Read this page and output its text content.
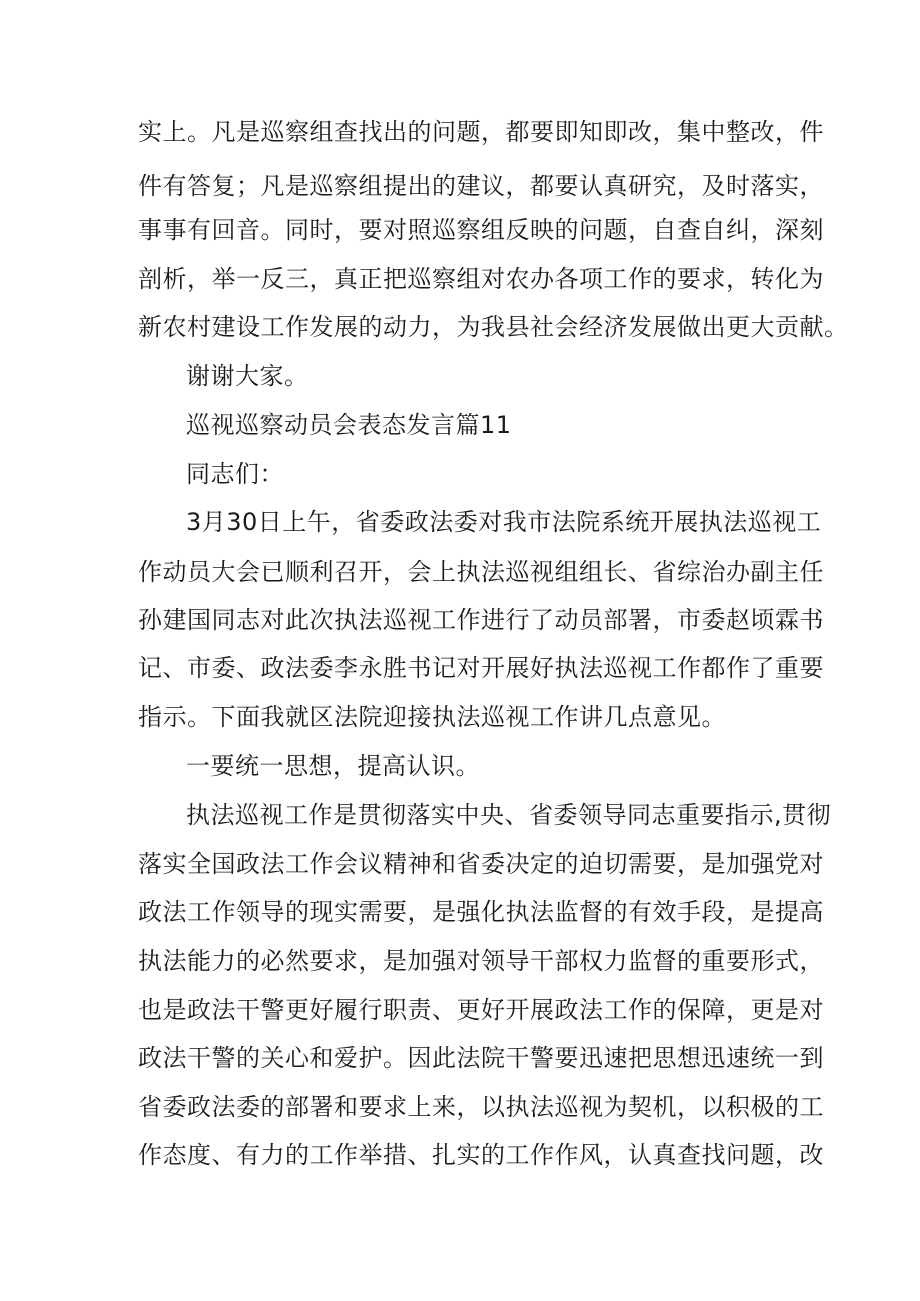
实上。凡是巡察组查找出的问题，都要即知即改，集中整改，件
件有答复；凡是巡察组提出的建议，都要认真研究，及时落实，
事事有回音。同时，要对照巡察组反映的问题，自查自纠，深刻
剖析，举一反三，真正把巡察组对农办各项工作的要求，转化为
新农村建设工作发展的动力，为我县社会经济发展做出更大贡献。
谢谢大家。
巡视巡察动员会表态发言篇11
同志们：
3月30日上午，省委政法委对我市法院系统开展执法巡视工
作动员大会已顺利召开，会上执法巡视组组长、省综治办副主任
孙建国同志对此次执法巡视工作进行了动员部署，市委赵顷霖书
记、市委、政法委李永胜书记对开展好执法巡视工作都作了重要
指示。下面我就区法院迎接执法巡视工作讲几点意见。
一要统一思想，提高认识。
执法巡视工作是贯彻落实中央、省委领导同志重要指示,贯彻
落实全国政法工作会议精神和省委决定的迫切需要，是加强党对
政法工作领导的现实需要，是强化执法监督的有效手段，是提高
执法能力的必然要求，是加强对领导干部权力监督的重要形式，
也是政法干警更好履行职责、更好开展政法工作的保障，更是对
政法干警的关心和爱护。因此法院干警要迅速把思想迅速统一到
省委政法委的部署和要求上来，以执法巡视为契机，以积极的工
作态度、有力的工作举措、扎实的工作作风，认真查找问题，改
